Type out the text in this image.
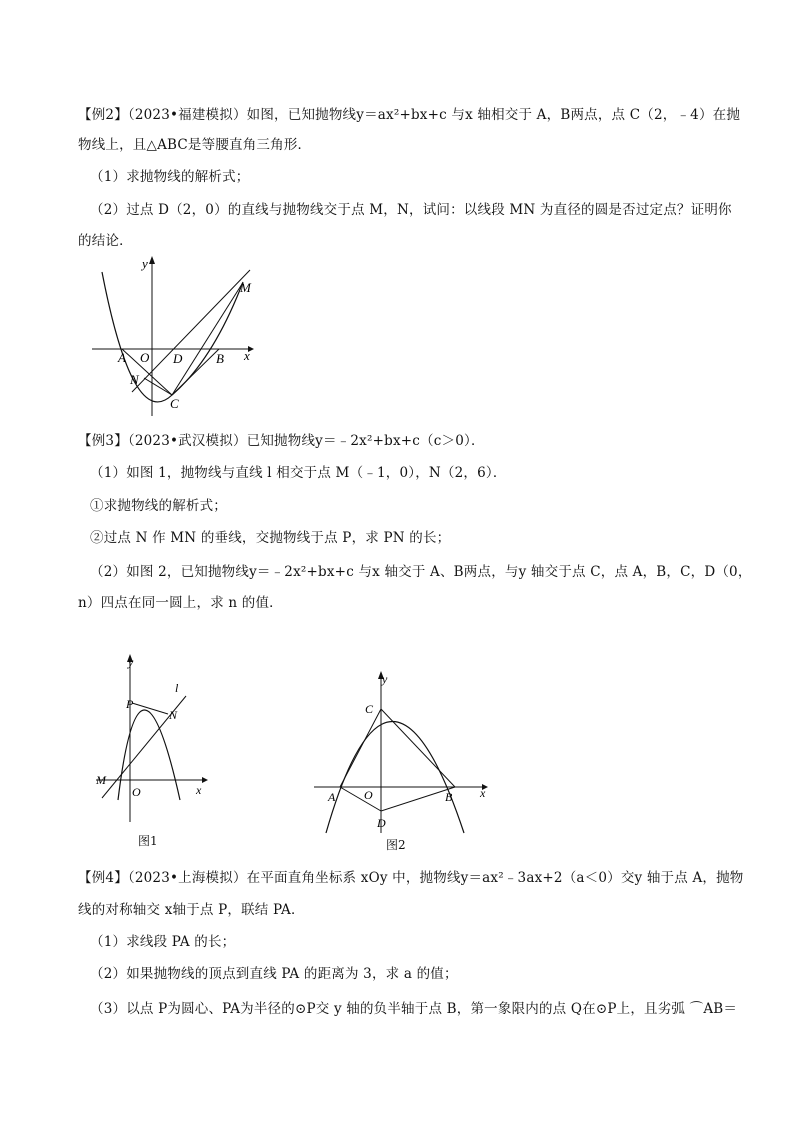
【例2】（2023•福建模拟）如图，已知抛物线y＝ax²+bx+c 与x 轴相交于 A，B两点，点 C（2，﹣4）在抛
物线上，且△ABC是等腰直角三角形．
（1）求抛物线的解析式；
（2）过点 D（2，0）的直线与抛物线交于点 M，N，试问：以线段 MN 为直径的圆是否过定点？证明你
的结论．
y
x
A O D	B
N
C
M
【例3】（2023•武汉模拟）已知抛物线y＝﹣2x²+bx+c（c＞0）．
（1）如图 1，抛物线与直线 l 相交于点 M（﹣1，0），N（2，6）．
①求抛物线的解析式；
②过点 N 作 MN 的垂线，交抛物线于点 P，求 PN 的长；
（2）如图 2，已知抛物线y＝﹣2x²+bx+c 与x 轴交于 A、B两点，与y 轴交于点 C，点 A，B，C，D（0，
n）四点在同一圆上，求 n 的值．
y
x
P
N
l
M
O
图1
y
x
C
A O	B
D
图2
【例4】（2023•上海模拟）在平面直角坐标系 xOy 中，抛物线y＝ax²﹣3ax+2（a＜0）交y 轴于点 A，抛物
线的对称轴交 x轴于点 P，联结 PA．
（1）求线段 PA 的长；
（2）如果抛物线的顶点到直线 PA 的距离为 3，求 a 的值；
（3）以点 P为圆心、PA为半径的⊙P交 y 轴的负半轴于点 B，第一象限内的点 Q在⊙P上，且劣弧 ⌒AB＝
